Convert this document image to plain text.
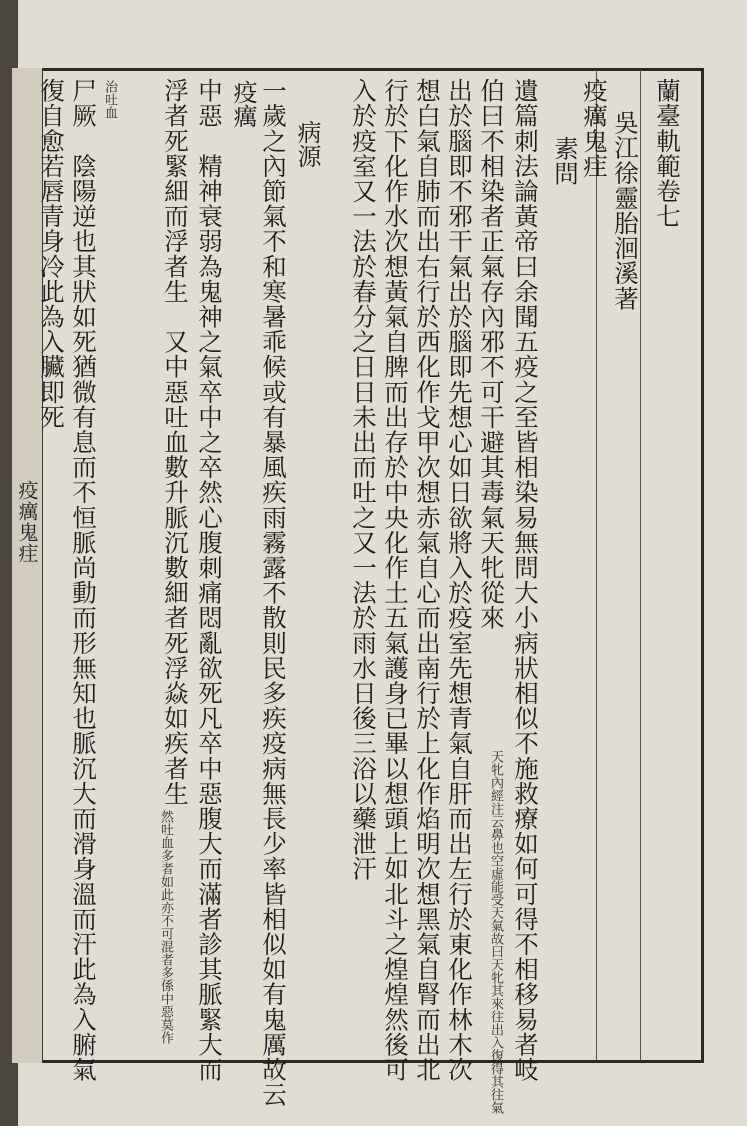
疫癘鬼疰
蘭臺軌範卷七
吳江徐靈胎洄溪著
疫癘鬼疰
素問
遺篇刺法論黃帝曰余聞五疫之至皆相染易無問大小病狀相似不施救療如何可得不相移易者岐
伯曰不相染者正氣存內邪不可干避其毒氣天牝從來
天牝內經注云鼻也空虛能受天氣故曰天牝其來往出入復得其往氣
出於腦即不邪干氣出於腦即先想心如日欲將入於疫室先想青氣自肝而出左行於東化作林木次
想白氣自肺而出右行於西化作戈甲次想赤氣自心而出南行於上化作焰明次想黑氣自腎而出北
行於下化作水次想黃氣自脾而出存於中央化作土五氣護身已畢以想頭上如北斗之煌煌然後可
入於疫室又一法於春分之日日未出而吐之又一法於雨水日後三浴以藥泄汗
病源
一歲之內節氣不和寒暑乖候或有暴風疾雨霧露不散則民多疾疫病無長少率皆相似如有鬼厲故云
疫癘
中惡　精神衰弱為鬼神之氣卒中之卒然心腹刺痛悶亂欲死凡卒中惡腹大而滿者診其脈緊大而
浮者死緊細而浮者生　又中惡吐血數升脈沉數細者死浮焱如疾者生
然吐血多者如此亦不可混者多係中惡莫作
治吐血
尸厥　陰陽逆也其狀如死猶微有息而不恒脈尚動而形無知也脈沉大而滑身溫而汗此為入腑氣
復自愈若唇青身冷此為入臟即死
